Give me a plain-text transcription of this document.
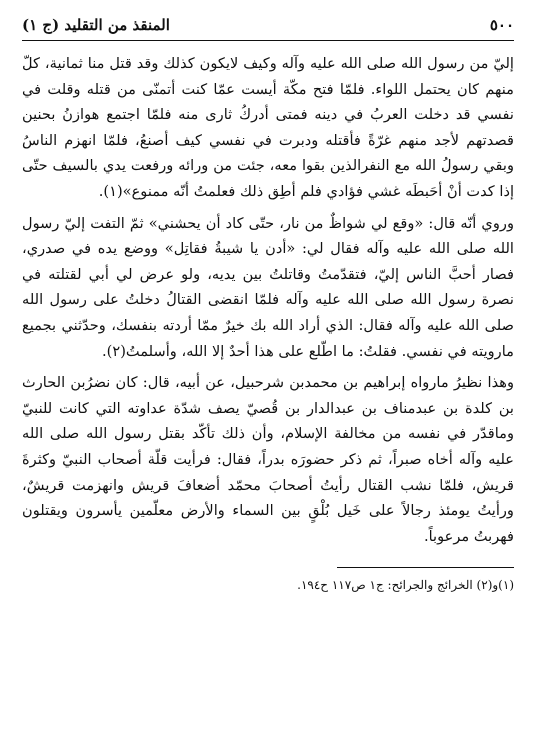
٥٠٠
المنقذ من التقليد (ج ١)

إليّ من رسول الله صلى الله عليه وآله وكيف لايكون كذلك وقد قتل منا ثمانية، كلّ منهم كان يحتمل اللواء. فلمّا فتح مكّة أيست عمّا كنت أتمنّى من قتله وقلت في نفسي قد دخلت العربُ في دينه فمتى أدركُ ثارى منه فلمّا اجتمع هوازنُ بحنين قصدتهم لأجد منهم غرّةً فأقتله ودبرت في نفسي كيف أصنعُ، فلمّا انهزم الناسُ وبقي رسولُ الله مع النفرالذين بقوا معه، جئت من ورائه ورفعت يدي بالسيف حتّى إذا كدت أنْ أحَبطَه غشي فؤادي فلم أطِق ذلك فعلمتُ أنّه ممنوع»(١).

وروي أنّه قال: «وقع لي شواظٌ من نار، حتّى كاد أن يحشني» ثمّ التفت إليّ رسول الله صلى الله عليه وآله فقال لي: «أدن يا شيبةُ فقاتِل» ووضع يده في صدري، فصار أحبَّ الناس إليّ، فتقدّمتُ وقاتلتُ بين يديه، ولو عرض لي أبي لقتلته في نصرة رسول الله صلى الله عليه وآله فلمّا انقضى القتالُ دخلتُ على رسول الله صلى الله عليه وآله فقال: الذي أراد الله بك خيرٌ ممّا أردته بنفسك، وحدّثني بجميع مارويته في نفسي. فقلتُ: ما اطّلع على هذا أحدٌ إلا الله، وأسلمتُ(٢).

وهذا نظيرُ مارواه إبراهيم بن محمدبن شرحبيل، عن أبيه، قال: كان نضرُبن الحارث بن كلدة بن عبدمناف بن عبدالدار بن قُصيّ يصف شدّة عداوته التي كانت للنبيّ وماقدّر في نفسه من مخالفة الإسلام، وأن ذلك تأكّد بقتل رسول الله صلى الله عليه وآله أخاه صبراً، ثم ذكر حضورَه بدراً، فقال: فرأيت قلّة أصحاب النبيّ وكثرةَ قريش، فلمّا نشب القتال رأيتُ أصحابَ محمّد أضعافَ قريش وانهزمت قريشٌ، ورأيتُ يومئذ رجالاً على خَيل بُلْقٍ بين السماء والأرض معلّمين يأسرون ويقتلون فهربتُ مرعوباً.

(١)و(٢) الخرائج والجرائح: ج١ ص١١٧ ح١٩٤.
